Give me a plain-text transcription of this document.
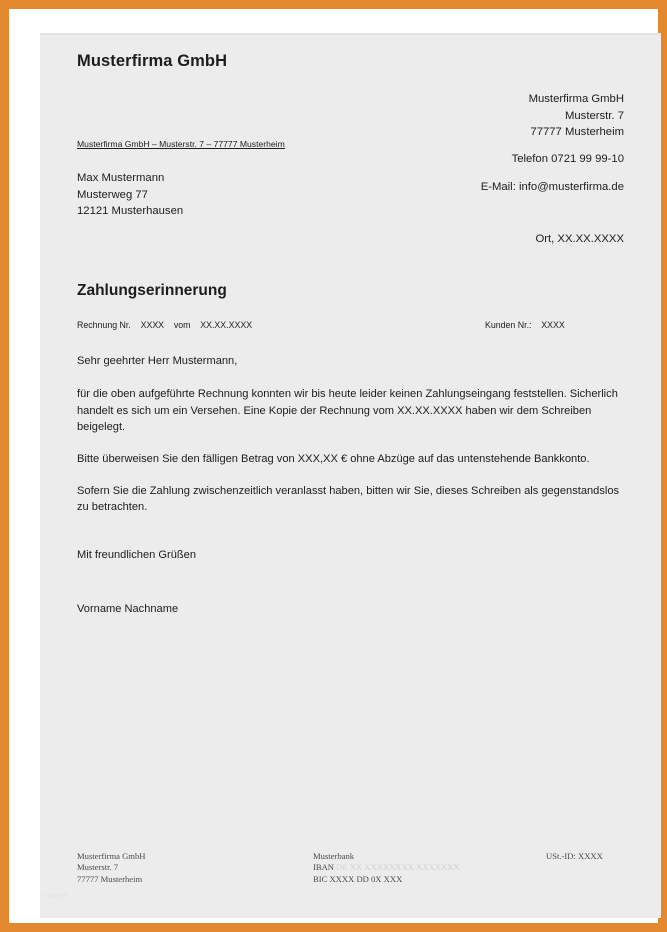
Musterfirma GmbH
Musterfirma GmbH
Musterstr. 7
77777 Musterheim
Telefon 0721 99 99-10
E-Mail: info@musterfirma.de
Musterfirma GmbH – Musterstr. 7 – 77777 Musterheim
Max Mustermann
Musterweg 77
12121 Musterhausen
Ort, XX.XX.XXXX
Zahlungserinnerung
Rechnung Nr. XXXX vom XX.XX.XXXX	Kunden Nr.: XXXX

Sehr geehrter Herr Mustermann,

für die oben aufgeführte Rechnung konnten wir bis heute leider keinen Zahlungseingang feststellen. Sicherlich handelt es sich um ein Versehen. Eine Kopie der Rechnung vom XX.XX.XXXX haben wir dem Schreiben beigelegt.

Bitte überweisen Sie den fälligen Betrag von XXX,XX € ohne Abzüge auf das untenstehende Bankkonto.

Sofern Sie die Zahlung zwischenzeitlich veranlasst haben, bitten wir Sie, dieses Schreiben als gegenstandslos zu betrachten.

Mit freundlichen Grüßen

Vorname Nachname

Musterfirma GmbH
Musterstr. 7
77777 Musterheim
Musterbank
IBAN DE XX XXXXXXXX XXXXXXX
BIC XXXX DD 0X XXX
USt.-ID: XXXX
Vorlage
